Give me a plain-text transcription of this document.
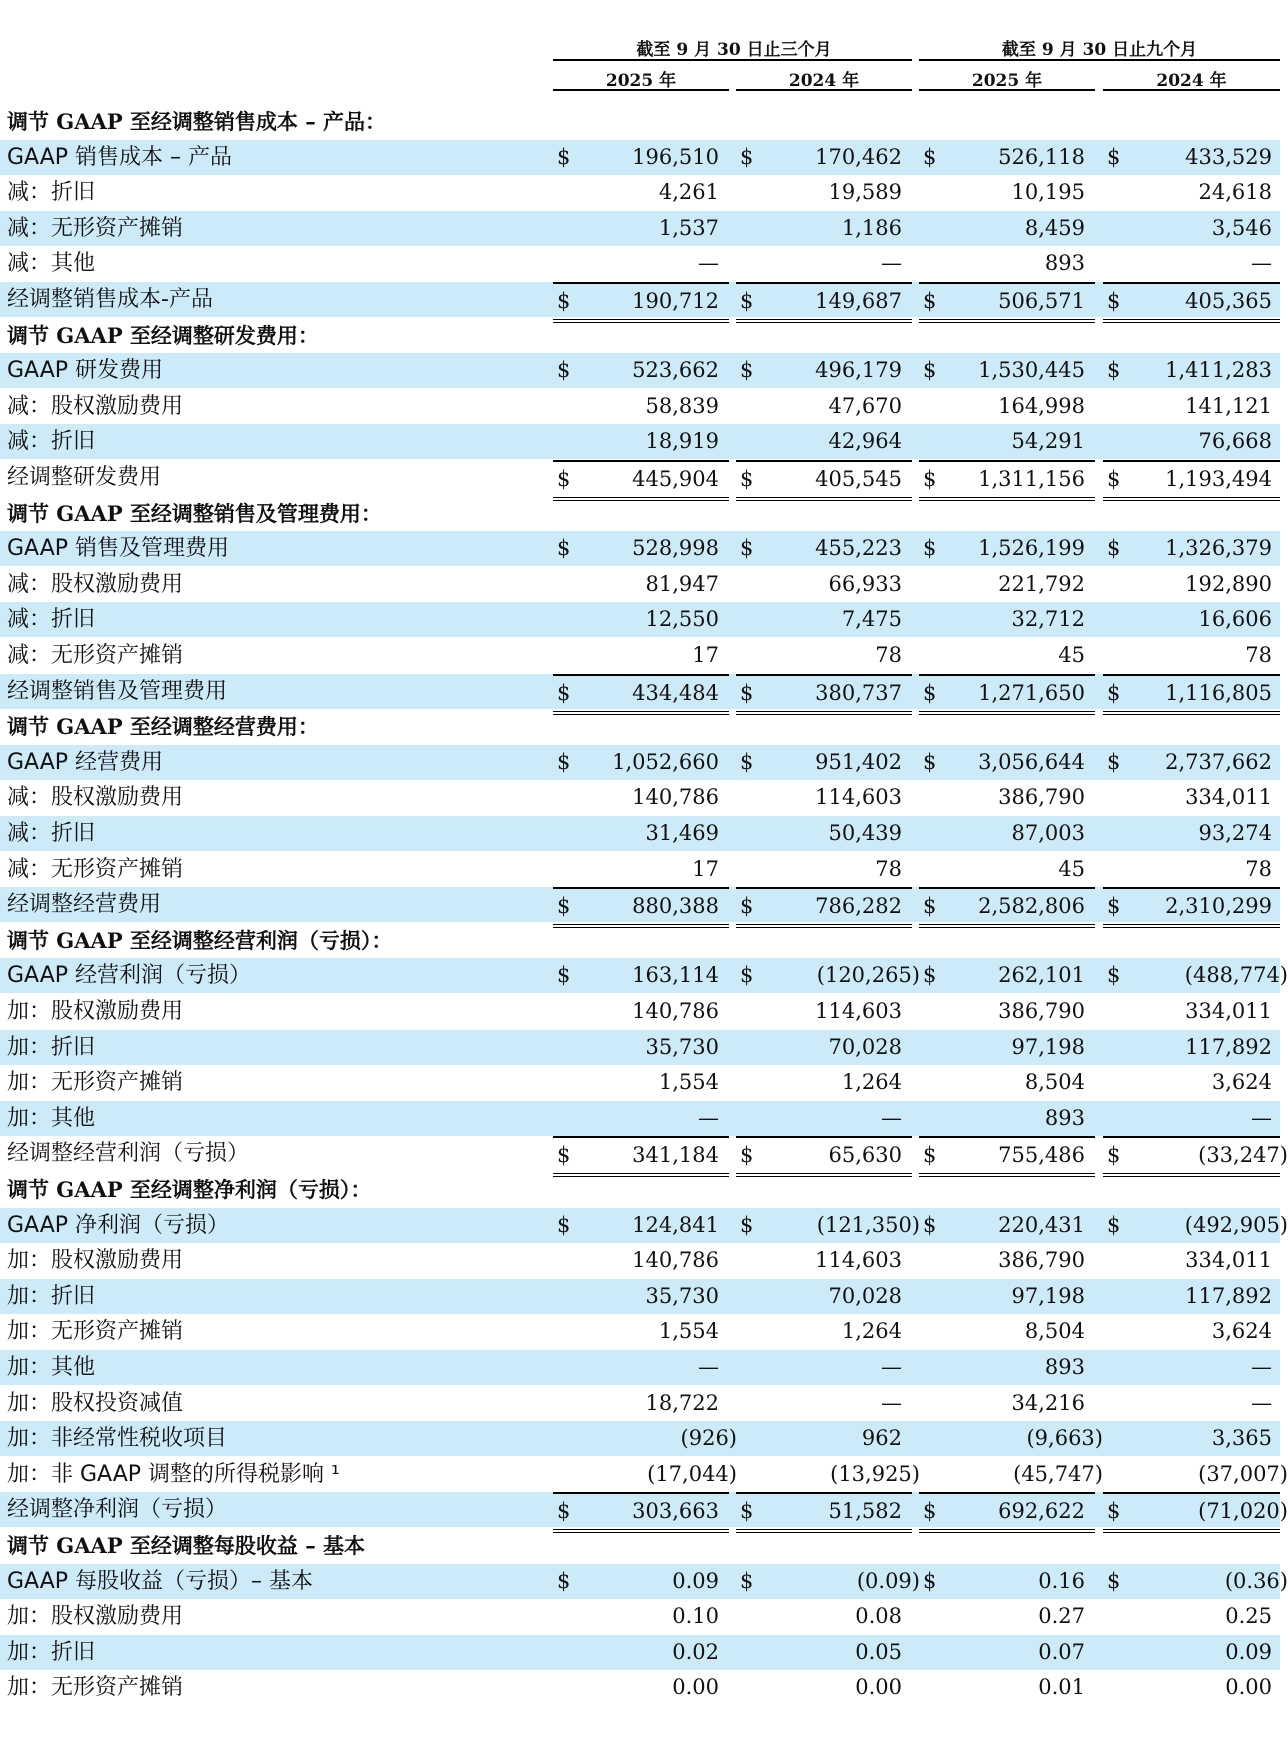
截至 9 月 30 日止三个月	截至 9 月 30 日止九个月
2025 年	2024 年	2025 年	2024 年
调节 GAAP 至经调整销售成本 – 产品：
GAAP 销售成本 – 产品	$	196,510 $	170,462 $	526,118 $	433,529
减：折旧	4,261	19,589	10,195	24,618
减：无形资产摊销	1,537	1,186	8,459	3,546
减：其他	—	—	893	—
经调整销售成本-产品	$	190,712 $	149,687 $	506,571 $	405,365
调节 GAAP 至经调整研发费用：
GAAP 研发费用	$	523,662 $	496,179 $ 1,530,445 $ 1,411,283
减：股权激励费用	58,839	47,670	164,998	141,121
减：折旧	18,919	42,964	54,291	76,668
经调整研发费用	$	445,904 $	405,545 $ 1,311,156 $ 1,193,494
调节 GAAP 至经调整销售及管理费用：
GAAP 销售及管理费用	$	528,998 $	455,223 $ 1,526,199 $ 1,326,379
减：股权激励费用	81,947	66,933	221,792	192,890
减：折旧	12,550	7,475	32,712	16,606
减：无形资产摊销	17	78	45	78
经调整销售及管理费用	$	434,484 $	380,737 $ 1,271,650 $ 1,116,805
调节 GAAP 至经调整经营费用：
GAAP 经营费用	$ 1,052,660 $	951,402 $ 3,056,644 $ 2,737,662
减：股权激励费用	140,786	114,603	386,790	334,011
减：折旧	31,469	50,439	87,003	93,274
减：无形资产摊销	17	78	45	78
经调整经营费用	$	880,388 $	786,282 $ 2,582,806 $ 2,310,299
调节 GAAP 至经调整经营利润（亏损）：
GAAP 经营利润（亏损）	$	163,114 $	(120,265) $	262,101 $	(488,774)
加：股权激励费用	140,786	114,603	386,790	334,011
加：折旧	35,730	70,028	97,198	117,892
加：无形资产摊销	1,554	1,264	8,504	3,624
加：其他	—	—	893	—
经调整经营利润（亏损）	$	341,184 $	65,630 $	755,486 $	(33,247)
调节 GAAP 至经调整净利润（亏损）：
GAAP 净利润（亏损）	$	124,841 $	(121,350) $	220,431 $	(492,905)
加：股权激励费用	140,786	114,603	386,790	334,011
加：折旧	35,730	70,028	97,198	117,892
加：无形资产摊销	1,554	1,264	8,504	3,624
加：其他	—	—	893	—
加：股权投资减值	18,722	—	34,216	—
加：非经常性税收项目	(926)	962	(9,663)	3,365
加：非 GAAP 调整的所得税影响 ¹	(17,044)	(13,925)	(45,747)	(37,007)
经调整净利润（亏损）	$	303,663 $	51,582 $	692,622 $	(71,020)
调节 GAAP 至经调整每股收益 – 基本
GAAP 每股收益（亏损）– 基本	$	0.09 $	(0.09) $	0.16 $	(0.36)
加：股权激励费用	0.10	0.08	0.27	0.25
加：折旧	0.02	0.05	0.07	0.09
加：无形资产摊销	0.00	0.00	0.01	0.00
